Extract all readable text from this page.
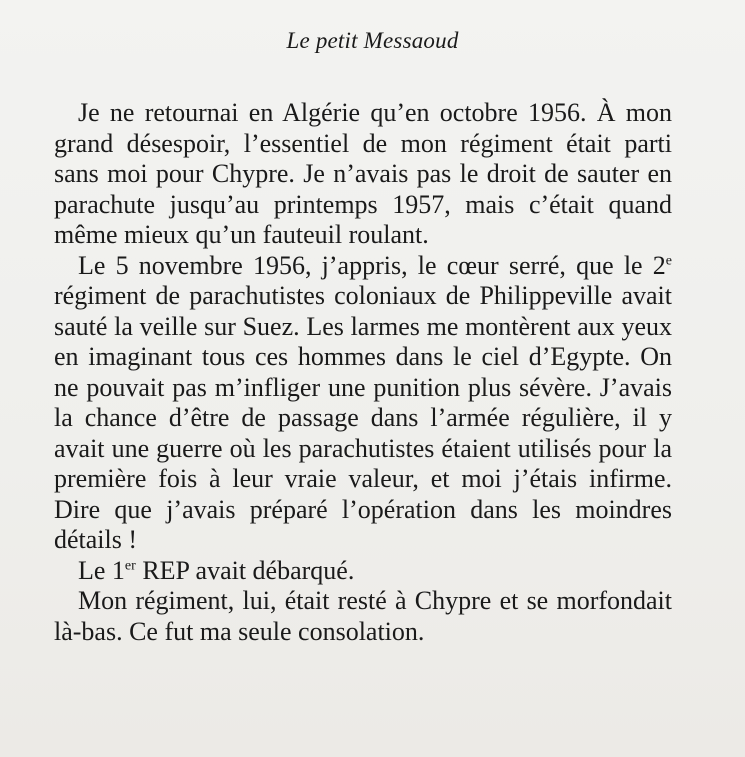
Le petit Messaoud

Je ne retournai en Algérie qu’en octobre 1956. À mon grand désespoir, l’essentiel de mon régiment était parti sans moi pour Chypre. Je n’avais pas le droit de sauter en parachute jusqu’au printemps 1957, mais c’était quand même mieux qu’un fauteuil roulant.

Le 5 novembre 1956, j’appris, le cœur serré, que le 2e régiment de parachutistes coloniaux de Philippeville avait sauté la veille sur Suez. Les larmes me montèrent aux yeux en imaginant tous ces hommes dans le ciel d’Egypte. On ne pouvait pas m’infliger une punition plus sévère. J’avais la chance d’être de passage dans l’armée régulière, il y avait une guerre où les parachutistes étaient utilisés pour la première fois à leur vraie valeur, et moi j’étais infirme. Dire que j’avais préparé l’opération dans les moindres détails !

Le 1er REP avait débarqué.

Mon régiment, lui, était resté à Chypre et se morfondait là-bas. Ce fut ma seule consolation.
